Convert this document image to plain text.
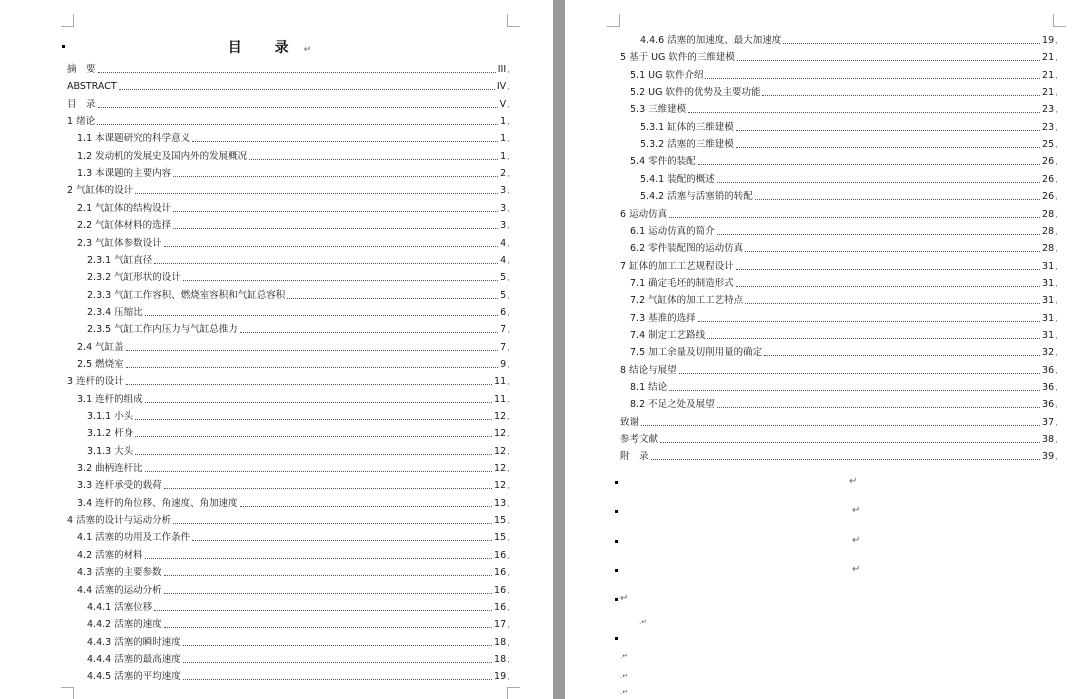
目 录↵
摘　要	III ,
ABSTRACT	IV ,
目　录	V ,
1 绪论	1 ,
1.1 本课题研究的科学意义	1 ,
1.2 发动机的发展史及国内外的发展概况	1 ,
1.3 本课题的主要内容	2 ,
2 气缸体的设计	3 ,
2.1 气缸体的结构设计	3 ,
2.2 气缸体材料的选择	3 ,
2.3 气缸体参数设计	4 ,
2.3.1 气缸直径	4 ,
2.3.2 气缸形状的设计	5 ,
2.3.3 气缸工作容积、燃烧室容积和气缸总容积	5 ,
2.3.4 压缩比	6 ,
2.3.5 气缸工作内压力与气缸总推力	7 ,
2.4 气缸盖	7 ,
2.5 燃烧室	9 ,
3 连杆的设计	11 ,
3.1 连杆的组成	11 ,
3.1.1 小头	12 ,
3.1.2 杆身	12 ,
3.1.3 大头	12 ,
3.2 曲柄连杆比	12 ,
3.3 连杆承受的载荷	12 ,
3.4 连杆的角位移、角速度、角加速度	13 ,
4 活塞的设计与运动分析	15 ,
4.1 活塞的功用及工作条件	15 ,
4.2 活塞的材料	16 ,
4.3 活塞的主要参数	16 ,
4.4 活塞的运动分析	16 ,
4.4.1 活塞位移	16 ,
4.4.2 活塞的速度	17 ,
4.4.3 活塞的瞬时速度	18 ,
4.4.4 活塞的最高速度	18 ,
4.4.5 活塞的平均速度	19 ,
4.4.6 活塞的加速度、最大加速度	19 ,
5 基于 UG 软件的三维建模	21 ,
5.1 UG 软件介绍	21 ,
5.2 UG 软件的优势及主要功能	21 ,
5.3 三维建模	23 ,
5.3.1 缸体的三维建模	23 ,
5.3.2 活塞的三维建模	25 ,
5.4 零件的装配	26 ,
5.4.1 装配的概述	26 ,
5.4.2 活塞与活塞销的转配	26 ,
6 运动仿真	28 ,
6.1 运动仿真的简介	28 ,
6.2 零件装配图的运动仿真	28 ,
7 缸体的加工工艺规程设计	31 ,
7.1 确定毛坯的制造形式	31 ,
7.2 气缸体的加工工艺特点	31 ,
7.3 基准的选择	31 ,
7.4 制定工艺路线	31 ,
7.5 加工余量及切削用量的确定	32 ,
8 结论与展望	36 ,
8.1 结论	36 ,
8.2 不足之处及展望	36 ,
致谢	37 ,
参考文献	38 ,
附　录	39 ,
↵
↵
↵
↵
↵
.↵
.↵
.↵
.↵
